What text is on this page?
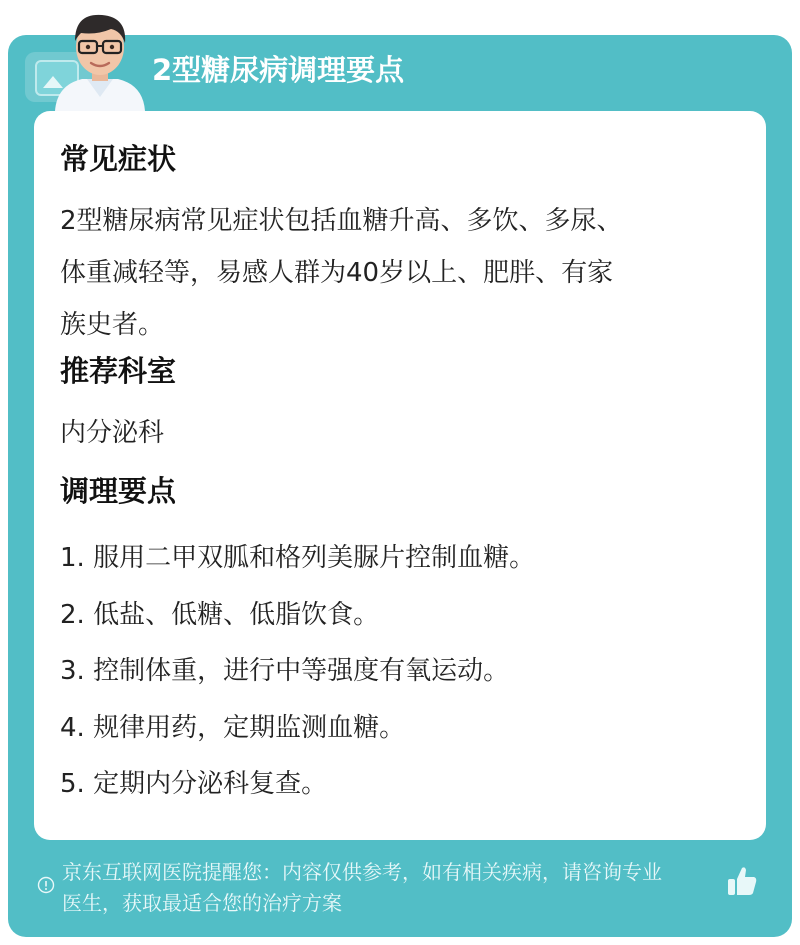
2型糖尿病调理要点
常见症状
2型糖尿病常见症状包括血糖升高、多饮、多尿、
体重减轻等，易感人群为40岁以上、肥胖、有家
族史者。
推荐科室
内分泌科
调理要点
1. 服用二甲双胍和格列美脲片控制血糖。
2. 低盐、低糖、低脂饮食。
3. 控制体重，进行中等强度有氧运动。
4. 规律用药，定期监测血糖。
5. 定期内分泌科复查。
京东互联网医院提醒您：内容仅供参考，如有相关疾病，请咨询专业
医生，获取最适合您的治疗方案
